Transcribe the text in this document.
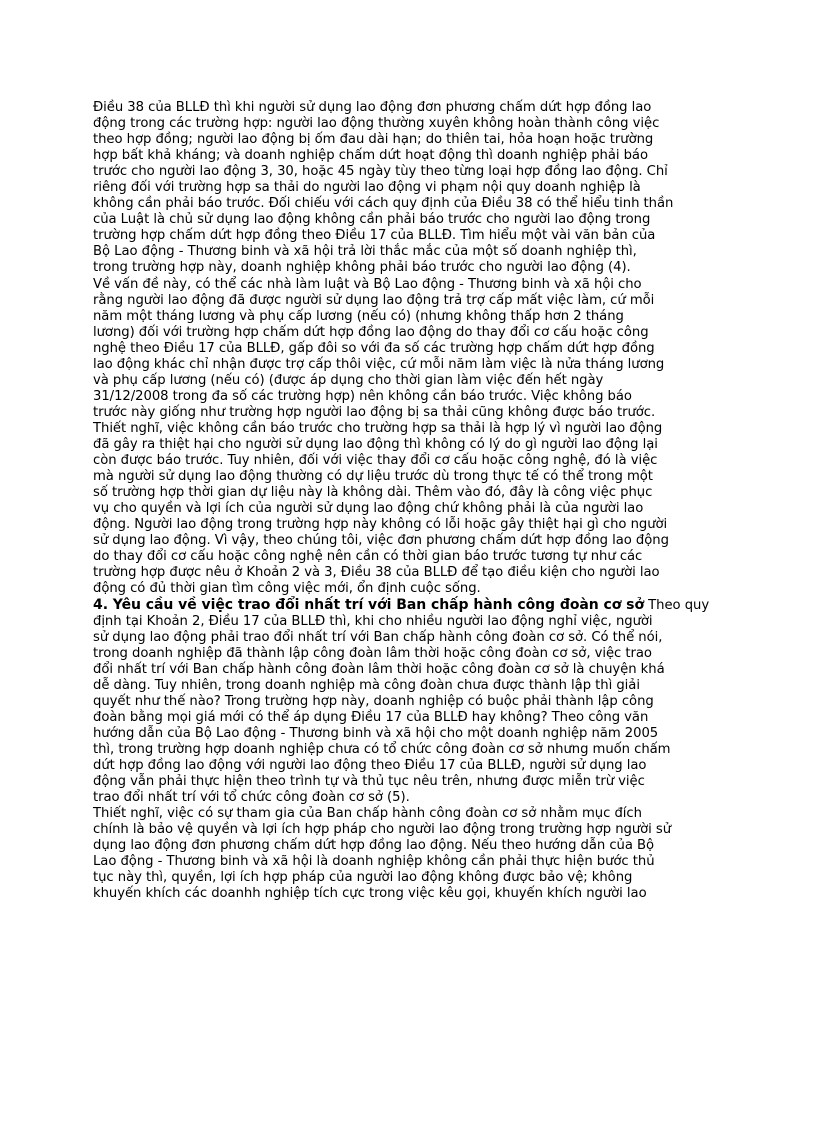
Điều 38 của BLLĐ thì khi người sử dụng lao động đơn phương chấm dứt hợp đồng lao
động trong các trường hợp: người lao động thường xuyên không hoàn thành công việc
theo hợp đồng; người lao động bị ốm đau dài hạn; do thiên tai, hỏa hoạn hoặc trường
hợp bất khả kháng; và doanh nghiệp chấm dứt hoạt động thì doanh nghiệp phải báo
trước cho người lao động 3, 30, hoặc 45 ngày tùy theo từng loại hợp đồng lao động. Chỉ
riêng đối với trường hợp sa thải do người lao động vi phạm nội quy doanh nghiệp là
không cần phải báo trước. Đối chiếu với cách quy định của Điều 38 có thể hiểu tinh thần
của Luật là chủ sử dụng lao động không cần phải báo trước cho người lao động trong
trường hợp chấm dứt hợp đồng theo Điều 17 của BLLĐ. Tìm hiểu một vài văn bản của
Bộ Lao động - Thương binh và xã hội trả lời thắc mắc của một số doanh nghiệp thì,
trong trường hợp này, doanh nghiệp không phải báo trước cho người lao động (4).
Về vấn đề này, có thể các nhà làm luật và Bộ Lao động - Thương binh và xã hội cho
rằng người lao động đã được người sử dụng lao động trả trợ cấp mất việc làm, cứ mỗi
năm một tháng lương và phụ cấp lương (nếu có) (nhưng không thấp hơn 2 tháng
lương) đối với trường hợp chấm dứt hợp đồng lao động do thay đổi cơ cấu hoặc công
nghệ theo Điều 17 của BLLĐ, gấp đôi so với đa số các trường hợp chấm dứt hợp đồng
lao động khác chỉ nhận được trợ cấp thôi việc, cứ mỗi năm làm việc là nửa tháng lương
và phụ cấp lương (nếu có) (được áp dụng cho thời gian làm việc đến hết ngày
31/12/2008 trong đa số các trường hợp) nên không cần báo trước. Việc không báo
trước này giống như trường hợp người lao động bị sa thải cũng không được báo trước.
Thiết nghĩ, việc không cần báo trước cho trường hợp sa thải là hợp lý vì người lao động
đã gây ra thiệt hại cho người sử dụng lao động thì không có lý do gì người lao động lại
còn được báo trước. Tuy nhiên, đối với việc thay đổi cơ cấu hoặc công nghệ, đó là việc
mà người sử dụng lao động thường có dự liệu trước dù trong thực tế có thể trong một
số trường hợp thời gian dự liệu này là không dài. Thêm vào đó, đây là công việc phục
vụ cho quyền và lợi ích của người sử dụng lao động chứ không phải là của người lao
động. Người lao động trong trường hợp này không có lỗi hoặc gây thiệt hại gì cho người
sử dụng lao động. Vì vậy, theo chúng tôi, việc đơn phương chấm dứt hợp đồng lao động
do thay đổi cơ cấu hoặc công nghệ nên cần có thời gian báo trước tương tự như các
trường hợp được nêu ở Khoản 2 và 3, Điều 38 của BLLĐ để tạo điều kiện cho người lao
động có đủ thời gian tìm công việc mới, ổn định cuộc sống.
4. Yêu cầu về việc trao đổi nhất trí với Ban chấp hành công đoàn cơ sở Theo quy
định tại Khoản 2, Điều 17 của BLLĐ thì, khi cho nhiều người lao động nghỉ việc, người
sử dụng lao động phải trao đổi nhất trí với Ban chấp hành công đoàn cơ sở. Có thể nói,
trong doanh nghiệp đã thành lập công đoàn lâm thời hoặc công đoàn cơ sở, việc trao
đổi nhất trí với Ban chấp hành công đoàn lâm thời hoặc công đoàn cơ sở là chuyện khá
dễ dàng. Tuy nhiên, trong doanh nghiệp mà công đoàn chưa được thành lập thì giải
quyết như thế nào? Trong trường hợp này, doanh nghiệp có buộc phải thành lập công
đoàn bằng mọi giá mới có thể áp dụng Điều 17 của BLLĐ hay không? Theo công văn
hướng dẫn của Bộ Lao động - Thương binh và xã hội cho một doanh nghiệp năm 2005
thì, trong trường hợp doanh nghiệp chưa có tổ chức công đoàn cơ sở nhưng muốn chấm
dứt hợp đồng lao động với người lao động theo Điều 17 của BLLĐ, người sử dụng lao
động vẫn phải thực hiện theo trình tự và thủ tục nêu trên, nhưng được miễn trừ việc
trao đổi nhất trí với tổ chức công đoàn cơ sở (5).
Thiết nghĩ, việc có sự tham gia của Ban chấp hành công đoàn cơ sở nhằm mục đích
chính là bảo vệ quyền và lợi ích hợp pháp cho người lao động trong trường hợp người sử
dụng lao động đơn phương chấm dứt hợp đồng lao động. Nếu theo hướng dẫn của Bộ
Lao động - Thương binh và xã hội là doanh nghiệp không cần phải thực hiện bước thủ
tục này thì, quyền, lợi ích hợp pháp của người lao động không được bảo vệ; không
khuyến khích các doanhh nghiệp tích cực trong việc kêu gọi, khuyến khích người lao
